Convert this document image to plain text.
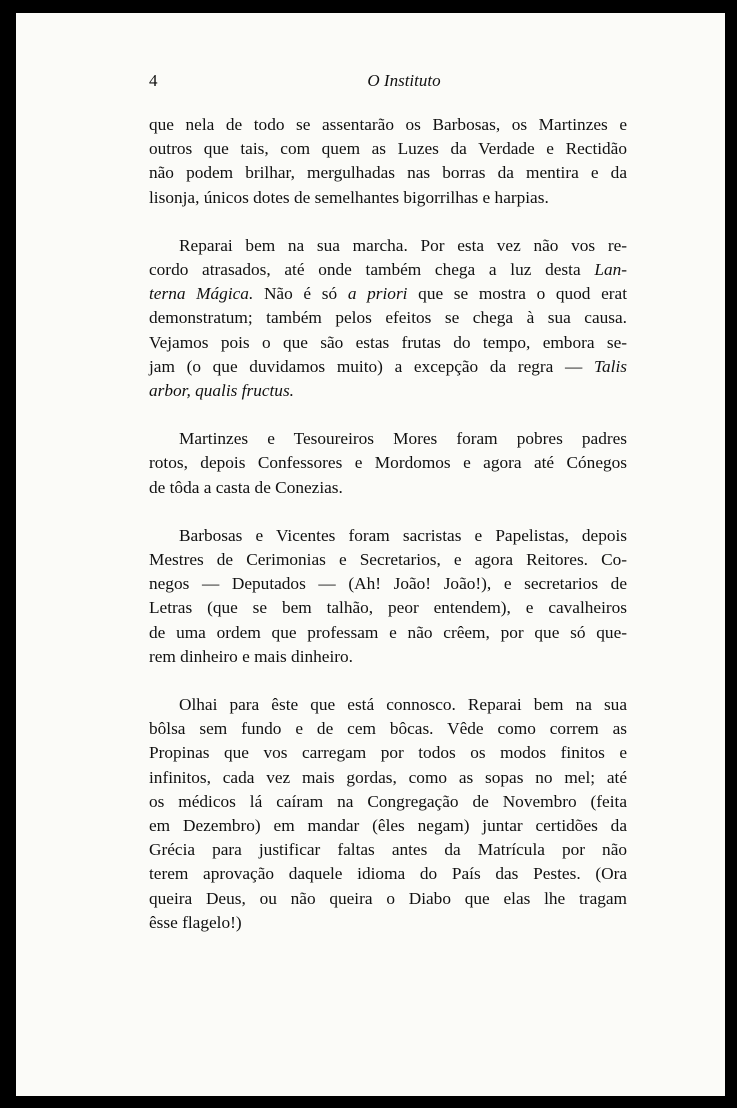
4	O Instituto

que nela de todo se assentarão os Barbosas, os Martinzes e
outros que tais, com quem as Luzes da Verdade e Rectidão
não podem brilhar, mergulhadas nas borras da mentira e da
lisonja, únicos dotes de semelhantes bigorrilhas e harpias.

Reparai bem na sua marcha. Por esta vez não vos re-
cordo atrasados, até onde também chega a luz desta Lan-
terna Mágica. Não é só a priori que se mostra o quod erat
demonstratum; também pelos efeitos se chega à sua causa.
Vejamos pois o que são estas frutas do tempo, embora se-
jam (o que duvidamos muito) a excepção da regra — Talis
arbor, qualis fructus.

Martinzes e Tesoureiros Mores foram pobres padres
rotos, depois Confessores e Mordomos e agora até Cónegos
de tôda a casta de Conezias.

Barbosas e Vicentes foram sacristas e Papelistas, depois
Mestres de Cerimonias e Secretarios, e agora Reitores. Co-
negos — Deputados — (Ah! João! João!), e secretarios de
Letras (que se bem talhão, peor entendem), e cavalheiros
de uma ordem que professam e não crêem, por que só que-
rem dinheiro e mais dinheiro.

Olhai para êste que está connosco. Reparai bem na sua
bôlsa sem fundo e de cem bôcas. Vêde como correm as
Propinas que vos carregam por todos os modos finitos e
infinitos, cada vez mais gordas, como as sopas no mel; até
os médicos lá caíram na Congregação de Novembro (feita
em Dezembro) em mandar (êles negam) juntar certidões da
Grécia para justificar faltas antes da Matrícula por não
terem aprovação daquele idioma do País das Pestes. (Ora
queira Deus, ou não queira o Diabo que elas lhe tragam
êsse flagelo!)
